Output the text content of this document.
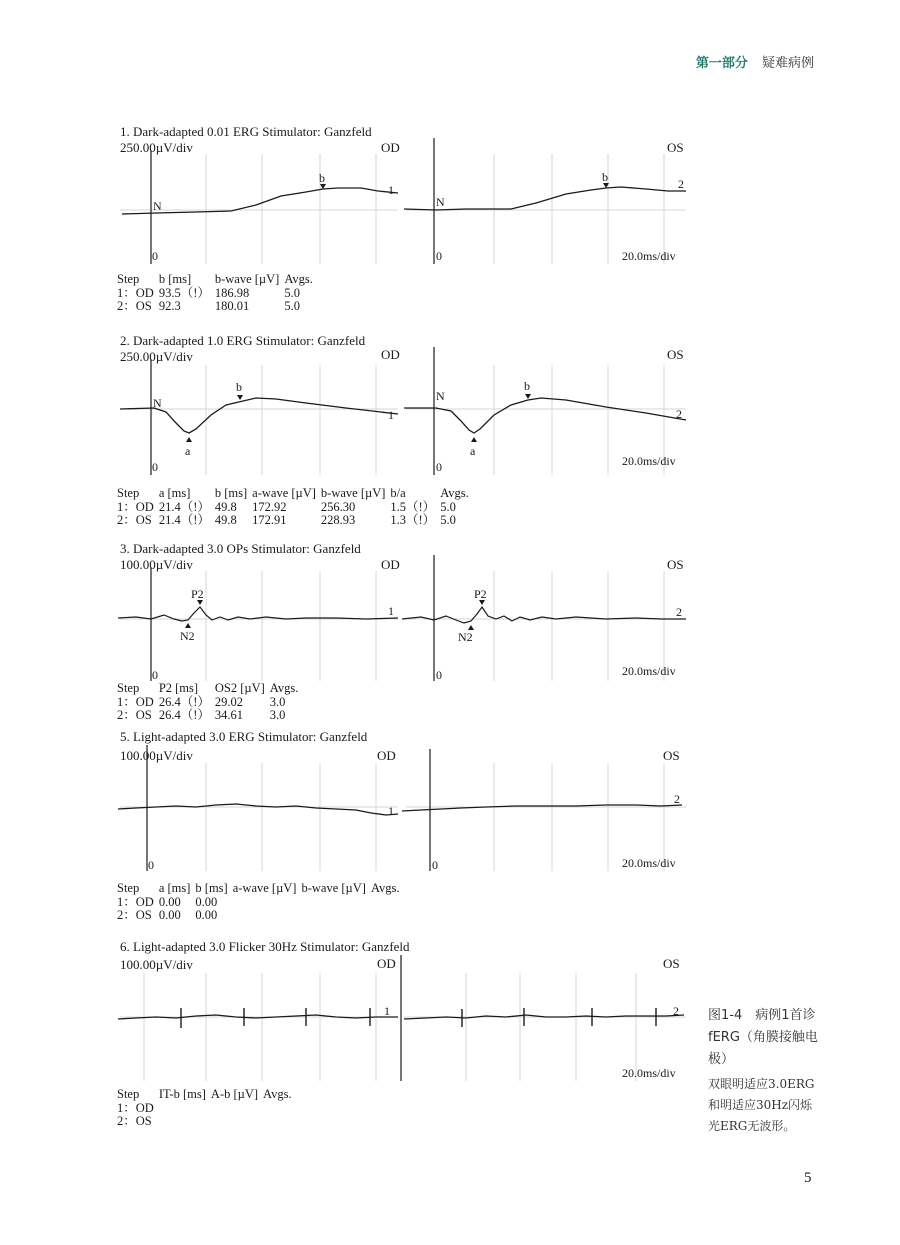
第一部分 疑难病例
1. Dark-adapted 0.01 ERG Stimulator: Ganzfeld
250.00µV/div	OD	OS
N
b
1
N
b	2
0	0	20.0ms/div
Step	b [ms]	b-wave [µV]	Avgs.
1：OD	93.5（!）	186.98	5.0
2：OS	92.3	180.01	5.0
2. Dark-adapted 1.0 ERG Stimulator: Ganzfeld
250.00µV/div	OD	OS
N
a
b
1
N
a
b
2
0	0	20.0ms/div
Step	a [ms]	b [ms]	a-wave [µV]	b-wave [µV]	b/a	Avgs.
1：OD	21.4（!）	49.8	172.92	256.30	1.5（!）	5.0
2：OS	21.4（!）	49.8	172.91	228.93	1.3（!）	5.0
3. Dark-adapted 3.0 OPs Stimulator: Ganzfeld
100.00µV/div	OD	OS
P2
N2
1
P2
N2
2
0	0	20.0ms/div
Step	P2 [ms]	OS2 [µV]	Avgs.
1：OD	26.4（!）	29.02	3.0
2：OS	26.4（!）	34.61	3.0
5. Light-adapted 3.0 ERG Stimulator: Ganzfeld
100.00µV/div	OD	OS
1
2
0	0	20.0ms/div
Step	a [ms]	b [ms]	a-wave [µV]	b-wave [µV]	Avgs.
1：OD	0.00	0.00			
2：OS	0.00	0.00			
6. Light-adapted 3.0 Flicker 30Hz Stimulator: Ganzfeld
100.00µV/div	OD	OS
1	2
20.0ms/div
Step	IT-b [ms]	A-b [µV]	Avgs.
1：OD			
2：OS			
图1-4　病例1首诊fERG（角膜接触电极）
双眼明适应3.0ERG和明适应30Hz闪烁光ERG无波形。
5
